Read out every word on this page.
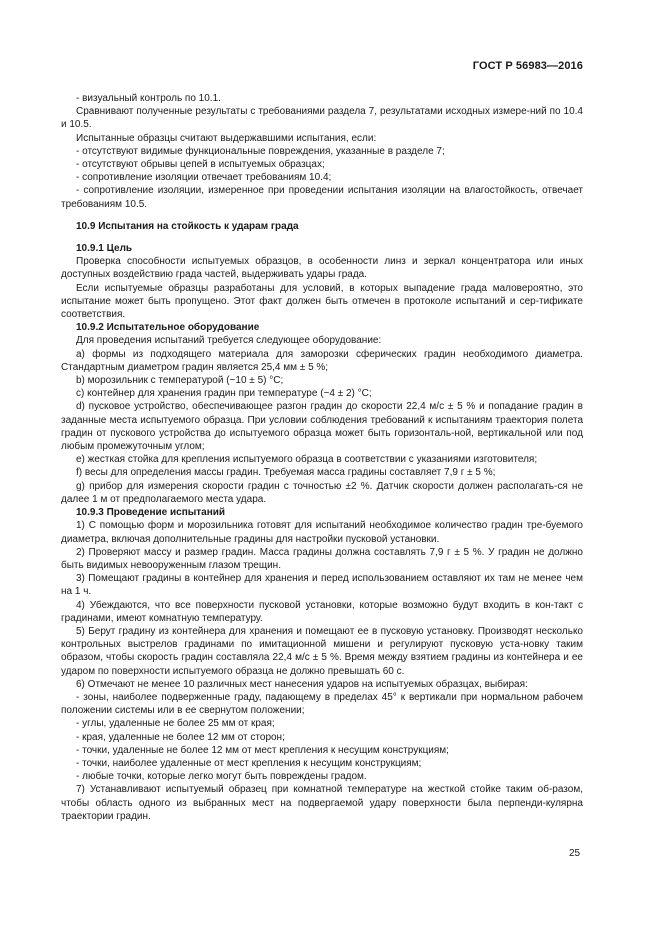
ГОСТ Р 56983—2016

- визуальный контроль по 10.1.

Сравнивают полученные результаты с требованиями раздела 7, результатами исходных измере-ний по 10.4 и 10.5.

Испытанные образцы считают выдержавшими испытания, если:

- отсутствуют видимые функциональные повреждения, указанные в разделе 7;

- отсутствуют обрывы цепей в испытуемых образцах;

- сопротивление изоляции отвечает требованиям 10.4;

- сопротивление изоляции, измеренное при проведении испытания изоляции на влагостойкость, отвечает требованиям 10.5.

10.9 Испытания на стойкость к ударам града

10.9.1 Цель

Проверка способности испытуемых образцов, в особенности линз и зеркал концентратора или иных доступных воздействию града частей, выдерживать удары града.

Если испытуемые образцы разработаны для условий, в которых выпадение града маловероятно, это испытание может быть пропущено. Этот факт должен быть отмечен в протоколе испытаний и сер-тификате соответствия.

10.9.2 Испытательное оборудование

Для проведения испытаний требуется следующее оборудование:

а) формы из подходящего материала для заморозки сферических градин необходимого диаметра. Стандартным диаметром градин является 25,4 мм ± 5 %;

b) морозильник с температурой (−10 ± 5) °С;

c) контейнер для хранения градин при температуре (−4 ± 2) °С;

d) пусковое устройство, обеспечивающее разгон градин до скорости 22,4 м/с ± 5 % и попадание градин в заданные места испытуемого образца. При условии соблюдения требований к испытаниям траектория полета градин от пускового устройства до испытуемого образца может быть горизонталь-ной, вертикальной или под любым промежуточным углом;

e) жесткая стойка для крепления испытуемого образца в соответствии с указаниями изготовителя;

f) весы для определения массы градин. Требуемая масса градины составляет 7,9 г ± 5 %;

g) прибор для измерения скорости градин с точностью ±2 %. Датчик скорости должен располагать-ся не далее 1 м от предполагаемого места удара.

10.9.3 Проведение испытаний

1) С помощью форм и морозильника готовят для испытаний необходимое количество градин тре-буемого диаметра, включая дополнительные градины для настройки пусковой установки.

2) Проверяют массу и размер градин. Масса градины должна составлять 7,9 г ± 5 %. У градин не должно быть видимых невооруженным глазом трещин.

3) Помещают градины в контейнер для хранения и перед использованием оставляют их там не менее чем на 1 ч.

4) Убеждаются, что все поверхности пусковой установки, которые возможно будут входить в кон-такт с градинами, имеют комнатную температуру.

5) Берут градину из контейнера для хранения и помещают ее в пусковую установку. Производят несколько контрольных выстрелов градинами по имитационной мишени и регулируют пусковую уста-новку таким образом, чтобы скорость градин составляла 22,4 м/с ± 5 %. Время между взятием градины из контейнера и ее ударом по поверхности испытуемого образца не должно превышать 60 с.

6) Отмечают не менее 10 различных мест нанесения ударов на испытуемых образцах, выбирая:

- зоны, наиболее подверженные граду, падающему в пределах 45° к вертикали при нормальном рабочем положении системы или в ее свернутом положении;

- углы, удаленные не более 25 мм от края;

- края, удаленные не более 12 мм от сторон;

- точки, удаленные не более 12 мм от мест крепления к несущим конструкциям;

- точки, наиболее удаленные от мест крепления к несущим конструкциям;

- любые точки, которые легко могут быть повреждены градом.

7) Устанавливают испытуемый образец при комнатной температуре на жесткой стойке таким об-разом, чтобы область одного из выбранных мест на подвергаемой удару поверхности была перпенди-кулярна траектории градин.

25
